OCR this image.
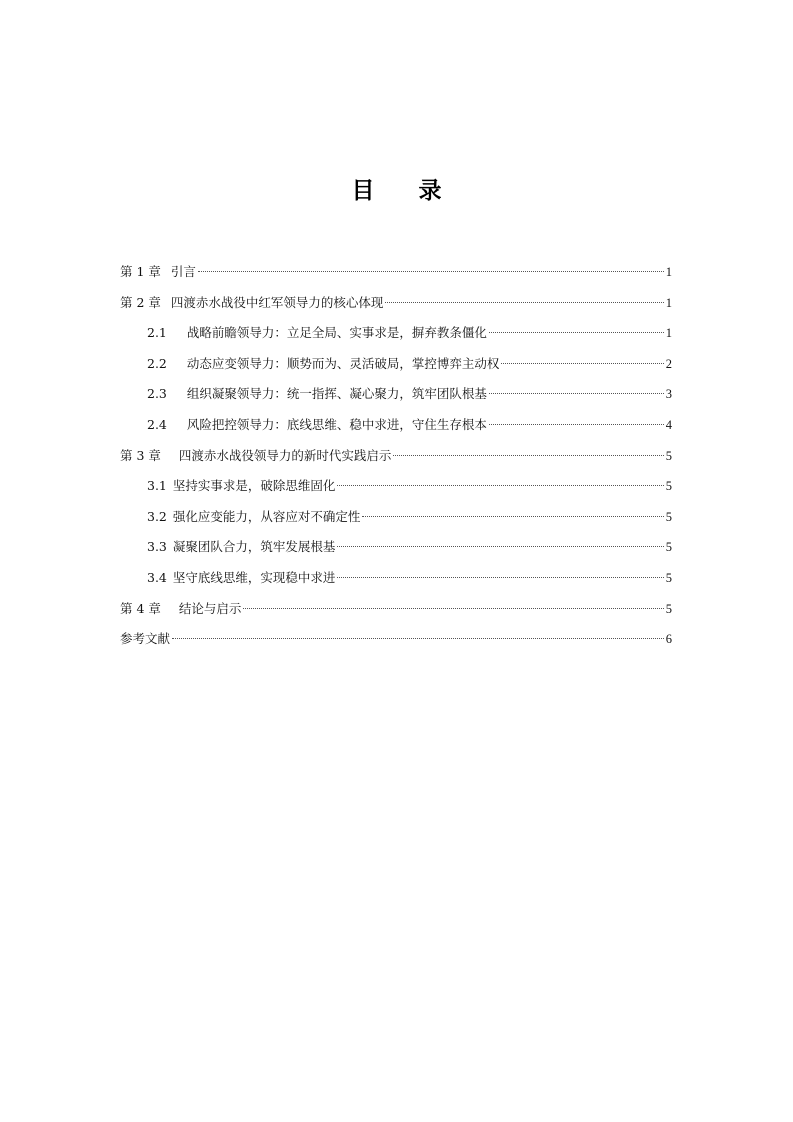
目 录
第 1 章 引言	1
第 2 章 四渡赤水战役中红军领导力的核心体现	1
2.1 战略前瞻领导力：立足全局、实事求是，摒弃教条僵化	1
2.2 动态应变领导力：顺势而为、灵活破局，掌控博弈主动权	2
2.3 组织凝聚领导力：统一指挥、凝心聚力，筑牢团队根基	3
2.4 风险把控领导力：底线思维、稳中求进，守住生存根本	4
第 3 章 四渡赤水战役领导力的新时代实践启示	5
3.1 坚持实事求是，破除思维固化	5
3.2 强化应变能力，从容应对不确定性	5
3.3 凝聚团队合力，筑牢发展根基	5
3.4 坚守底线思维，实现稳中求进	5
第 4 章 结论与启示	5
参考文献	6
